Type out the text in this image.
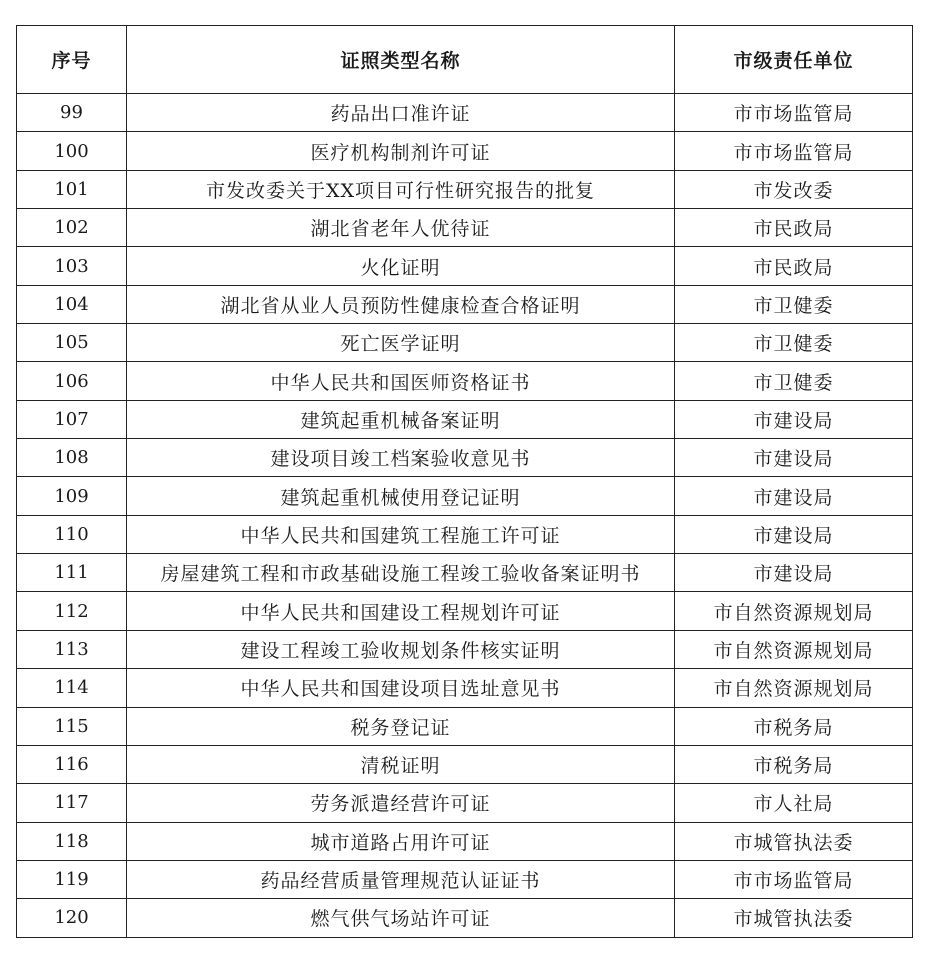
序号	证照类型名称	市级责任单位
99	药品出口准许证	市市场监管局
100	医疗机构制剂许可证	市市场监管局
101	市发改委关于XX项目可行性研究报告的批复	市发改委
102	湖北省老年人优待证	市民政局
103	火化证明	市民政局
104	湖北省从业人员预防性健康检查合格证明	市卫健委
105	死亡医学证明	市卫健委
106	中华人民共和国医师资格证书	市卫健委
107	建筑起重机械备案证明	市建设局
108	建设项目竣工档案验收意见书	市建设局
109	建筑起重机械使用登记证明	市建设局
110	中华人民共和国建筑工程施工许可证	市建设局
111	房屋建筑工程和市政基础设施工程竣工验收备案证明书	市建设局
112	中华人民共和国建设工程规划许可证	市自然资源规划局
113	建设工程竣工验收规划条件核实证明	市自然资源规划局
114	中华人民共和国建设项目选址意见书	市自然资源规划局
115	税务登记证	市税务局
116	清税证明	市税务局
117	劳务派遣经营许可证	市人社局
118	城市道路占用许可证	市城管执法委
119	药品经营质量管理规范认证证书	市市场监管局
120	燃气供气场站许可证	市城管执法委
